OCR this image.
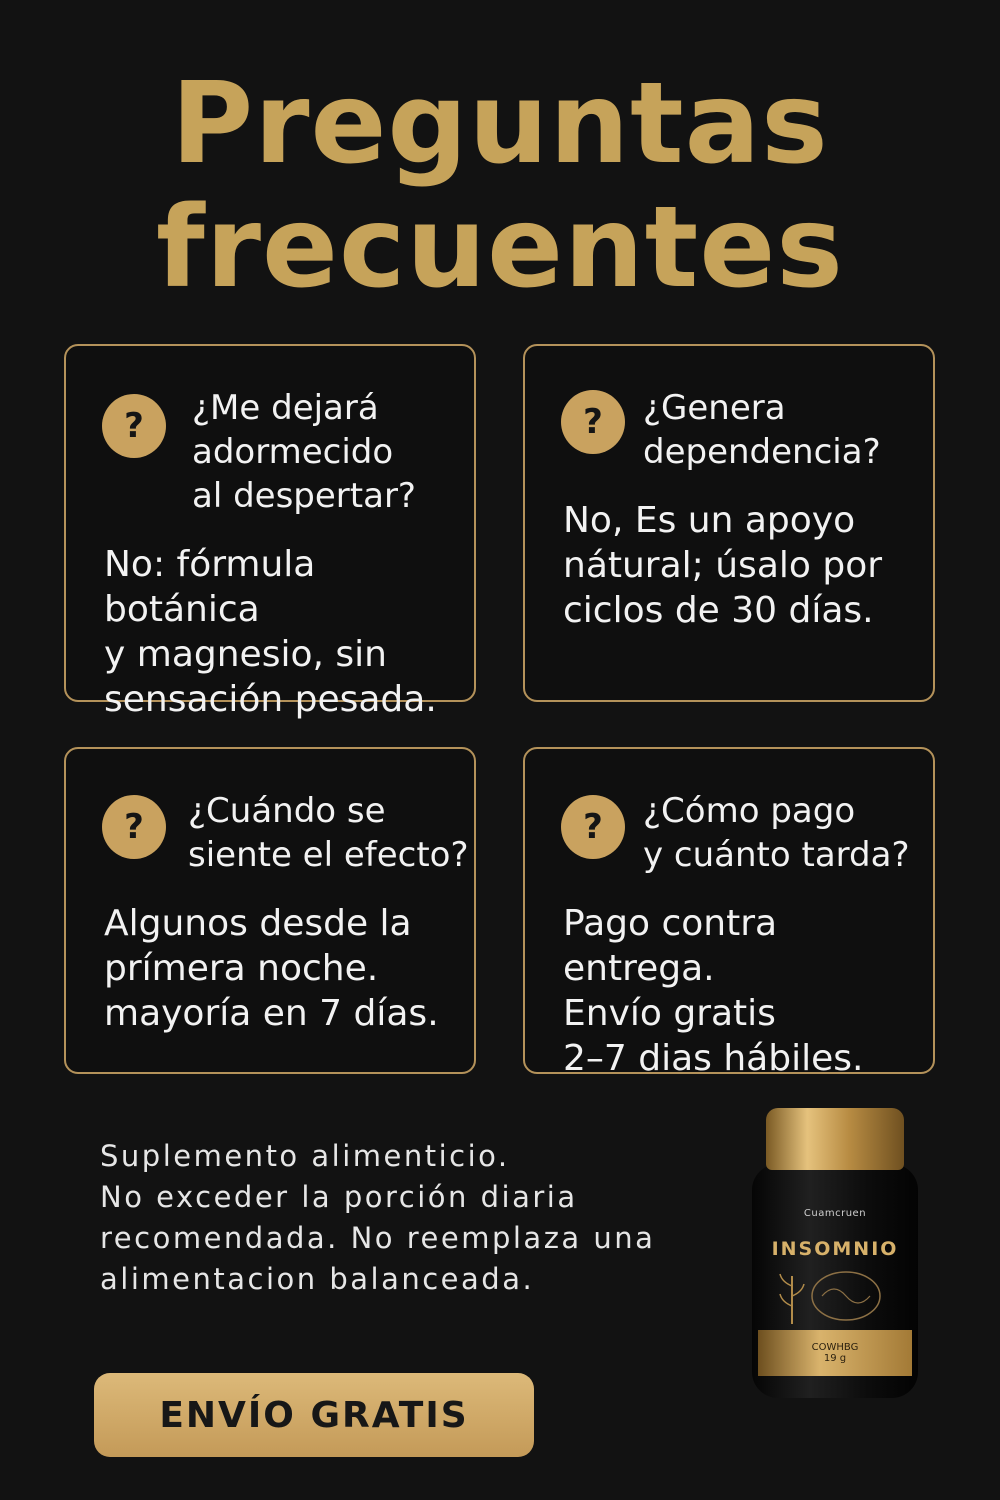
Preguntas
frecuentes
?	¿Me dejará
adormecido
al despertar?
No: fórmula botánica
y magnesio, sin
sensación pesada.
?	¿Genera
dependencia?
No, Es un apoyo
nátural; úsalo por
ciclos de 30 días.
?	¿Cuándo se
siente el efecto?
Algunos desde la
prímera noche.
mayoría en 7 días.
?	¿Cómo pago
y cuánto tarda?
Pago contra entrega.
Envío gratis
2–7 dias hábiles.
Suplemento alimenticio.
No exceder la porción diaria
recomendada. No reemplaza una
alimentacion balanceada.
ENVÍO GRATIS
Cuamcruen
INSOMNIO
COWHBG
19 g
